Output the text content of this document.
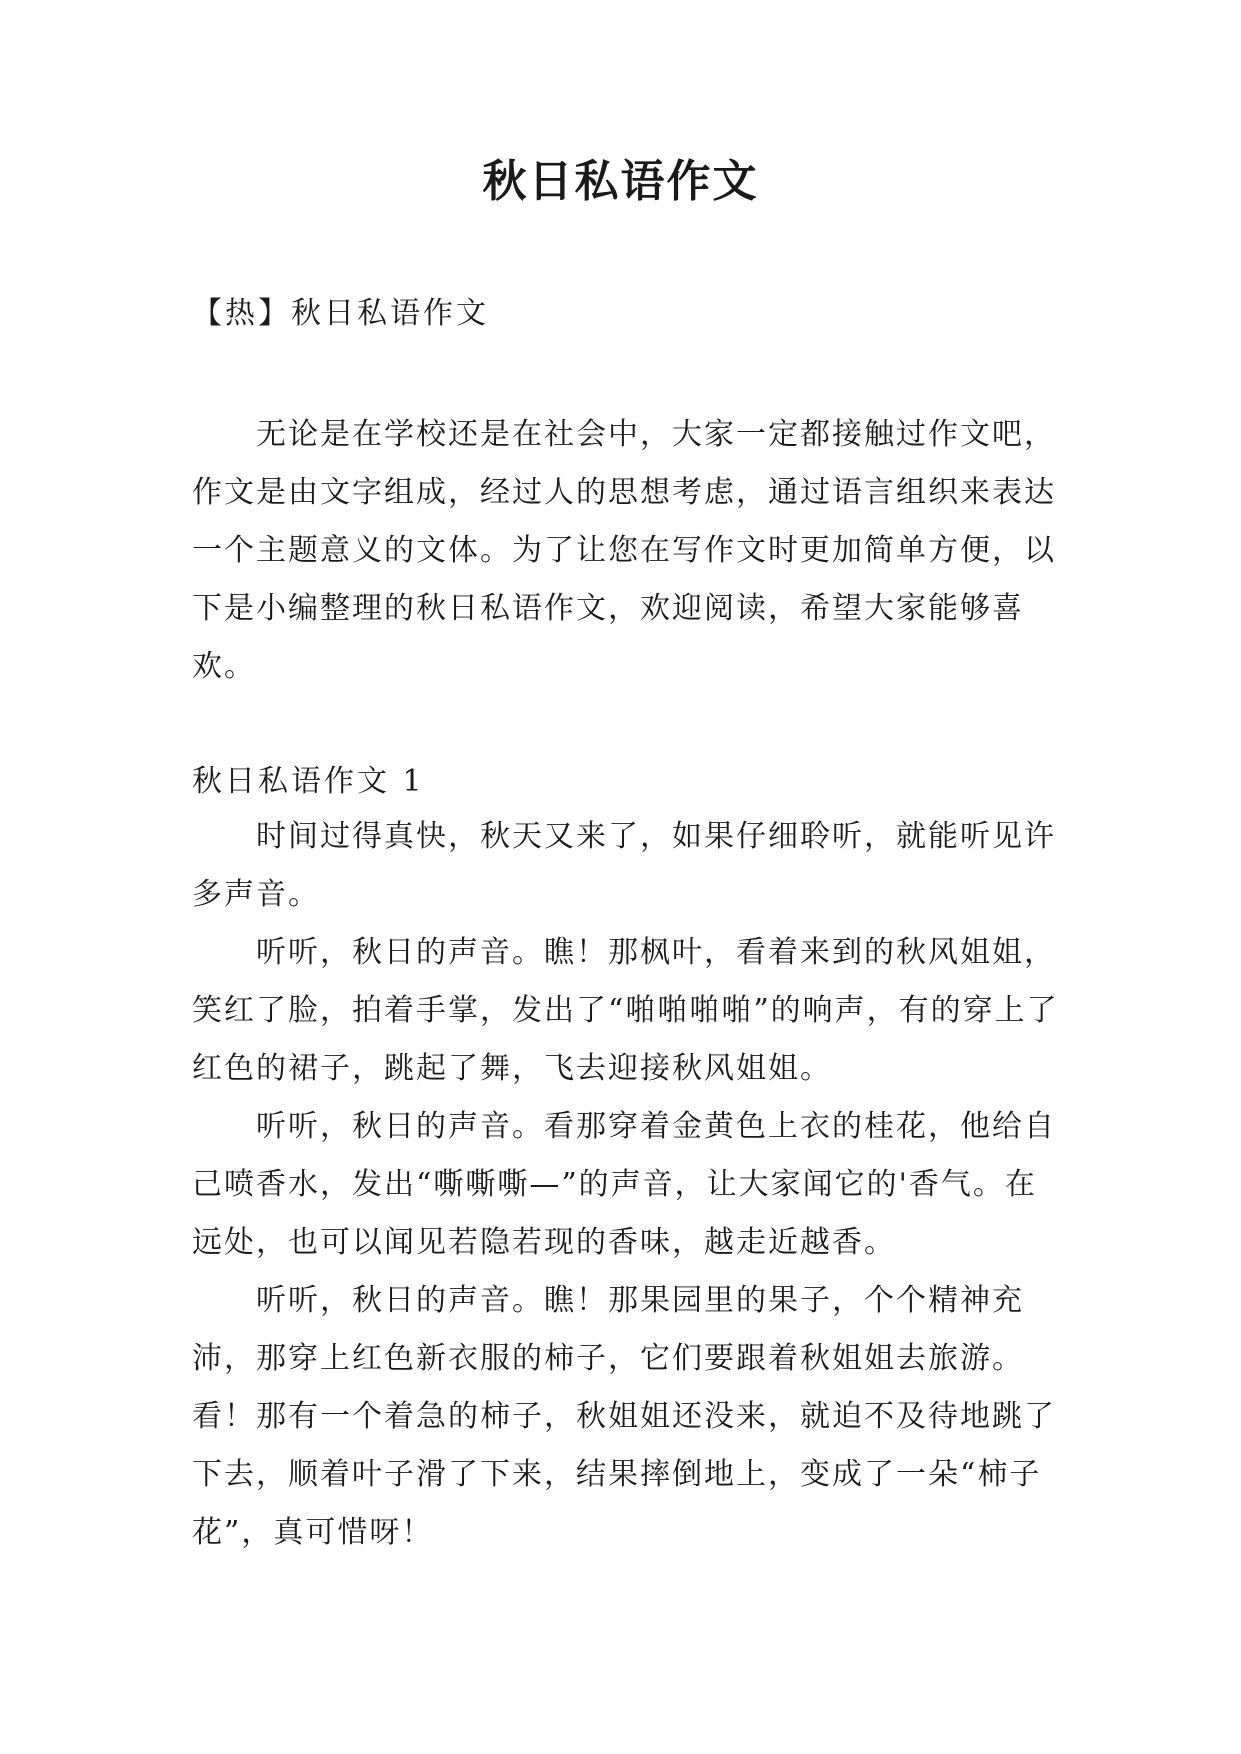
秋日私语作文

【热】秋日私语作文

无论是在学校还是在社会中，大家一定都接触过作文吧，作文是由文字组成，经过人的思想考虑，通过语言组织来表达一个主题意义的文体。为了让您在写作文时更加简单方便，以下是小编整理的秋日私语作文，欢迎阅读，希望大家能够喜欢。

秋日私语作文 1

时间过得真快，秋天又来了，如果仔细聆听，就能听见许多声音。

听听，秋日的声音。瞧！那枫叶，看着来到的秋风姐姐，笑红了脸，拍着手掌，发出了“啪啪啪啪”的响声，有的穿上了红色的裙子，跳起了舞，飞去迎接秋风姐姐。

听听，秋日的声音。看那穿着金黄色上衣的桂花，他给自己喷香水，发出“嘶嘶嘶—”的声音，让大家闻它的'香气。在远处，也可以闻见若隐若现的香味，越走近越香。

听听，秋日的声音。瞧！那果园里的果子，个个精神充沛，那穿上红色新衣服的柿子，它们要跟着秋姐姐去旅游。看！那有一个着急的柿子，秋姐姐还没来，就迫不及待地跳了下去，顺着叶子滑了下来，结果摔倒地上，变成了一朵“柿子花”，真可惜呀！
